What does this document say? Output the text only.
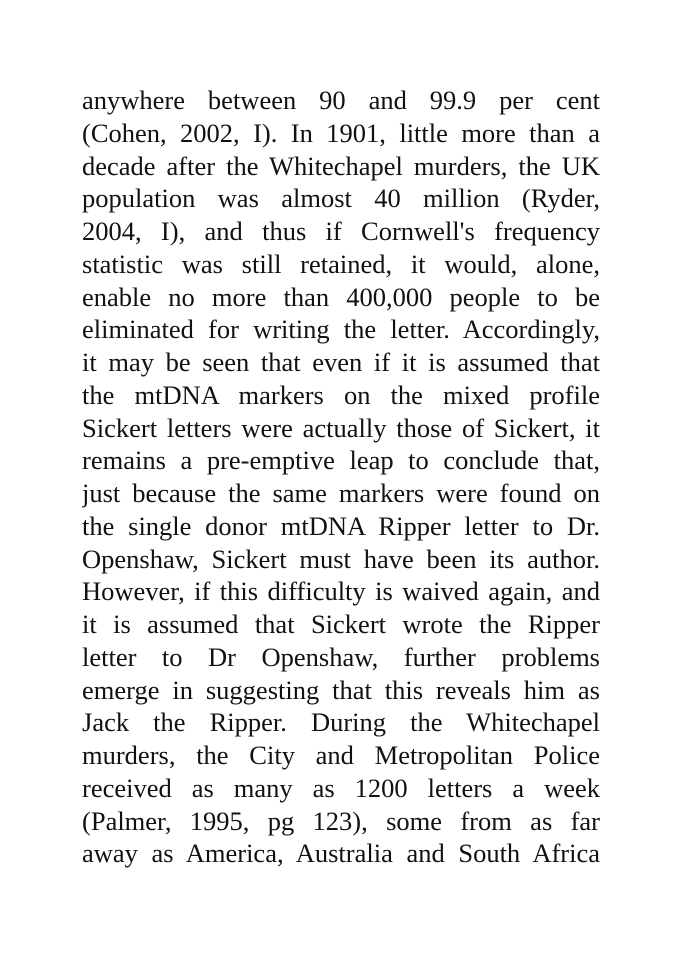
anywhere between 90 and 99.9 per cent
(Cohen, 2002, I). In 1901, little more than a
decade after the Whitechapel murders, the UK
population was almost 40 million (Ryder,
2004, I), and thus if Cornwell's frequency
statistic was still retained, it would, alone,
enable no more than 400,000 people to be
eliminated for writing the letter. Accordingly,
it may be seen that even if it is assumed that
the mtDNA markers on the mixed profile
Sickert letters were actually those of Sickert, it
remains a pre-emptive leap to conclude that,
just because the same markers were found on
the single donor mtDNA Ripper letter to Dr.
Openshaw, Sickert must have been its author.
However, if this difficulty is waived again, and
it is assumed that Sickert wrote the Ripper
letter to Dr Openshaw, further problems
emerge in suggesting that this reveals him as
Jack the Ripper. During the Whitechapel
murders, the City and Metropolitan Police
received as many as 1200 letters a week
(Palmer, 1995, pg 123), some from as far
away as America, Australia and South Africa
